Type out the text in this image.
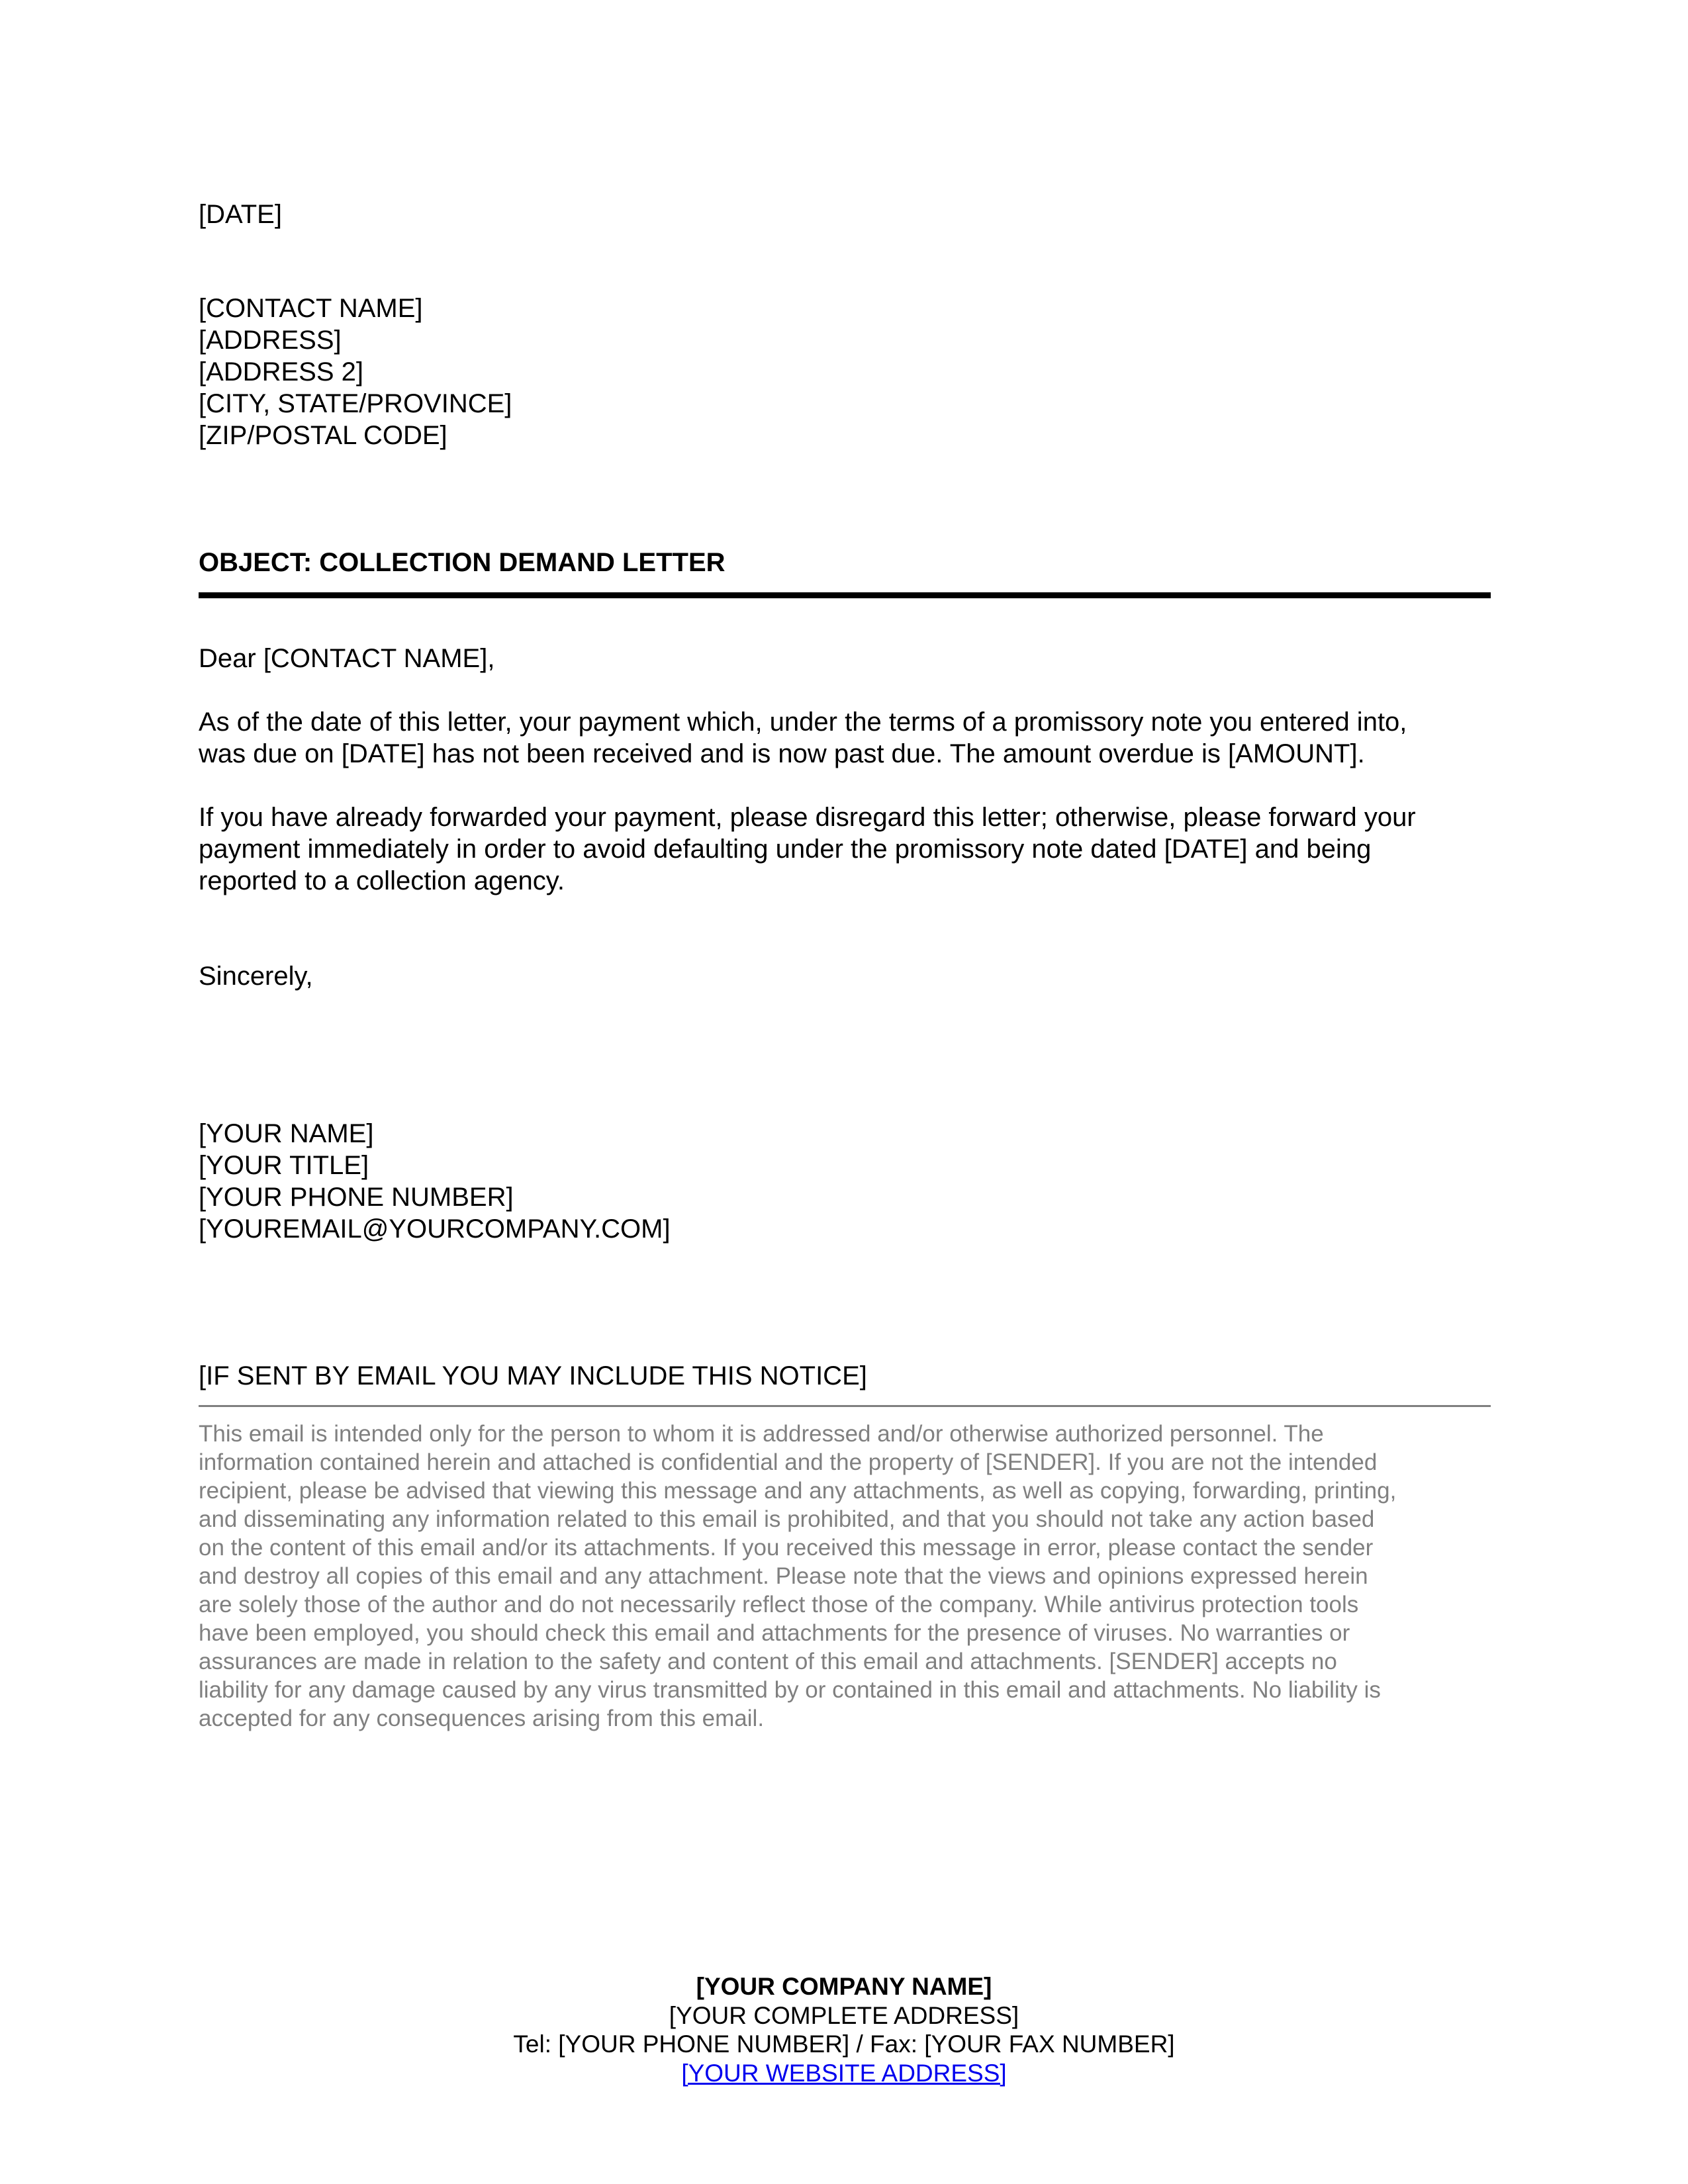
[DATE]

[CONTACT NAME]
[ADDRESS]
[ADDRESS 2]
[CITY, STATE/PROVINCE]
[ZIP/POSTAL CODE]

OBJECT: COLLECTION DEMAND LETTER

Dear [CONTACT NAME],

As of the date of this letter, your payment which, under the terms of a promissory note you entered into,
was due on [DATE] has not been received and is now past due. The amount overdue is [AMOUNT].
If you have already forwarded your payment, please disregard this letter; otherwise, please forward your
payment immediately in order to avoid defaulting under the promissory note dated [DATE] and being
reported to a collection agency.

Sincerely,

[YOUR NAME]
[YOUR TITLE]
[YOUR PHONE NUMBER]
[YOUREMAIL@YOURCOMPANY.COM]

[IF SENT BY EMAIL YOU MAY INCLUDE THIS NOTICE]

This email is intended only for the person to whom it is addressed and/or otherwise authorized personnel. The
information contained herein and attached is confidential and the property of [SENDER]. If you are not the intended
recipient, please be advised that viewing this message and any attachments, as well as copying, forwarding, printing,
and disseminating any information related to this email is prohibited, and that you should not take any action based
on the content of this email and/or its attachments. If you received this message in error, please contact the sender
and destroy all copies of this email and any attachment. Please note that the views and opinions expressed herein
are solely those of the author and do not necessarily reflect those of the company. While antivirus protection tools
have been employed, you should check this email and attachments for the presence of viruses. No warranties or
assurances are made in relation to the safety and content of this email and attachments. [SENDER] accepts no
liability for any damage caused by any virus transmitted by or contained in this email and attachments. No liability is
accepted for any consequences arising from this email.
[YOUR COMPANY NAME]
[YOUR COMPLETE ADDRESS]
Tel: [YOUR PHONE NUMBER] / Fax: [YOUR FAX NUMBER]
[YOUR WEBSITE ADDRESS]
